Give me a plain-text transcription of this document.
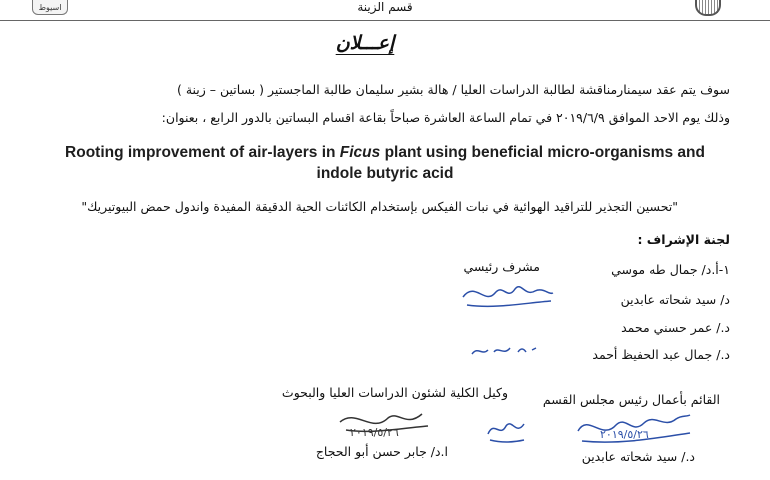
اسيوط	قسم الزينة
إعـــلان
سوف يتم عقد سيمنارمناقشة لطالبة الدراسات العليا / هالة بشير سليمان طالبة الماجستير ( بساتين – زينة )
وذلك يوم الاحد الموافق ٢٠١٩/٦/٩ في تمام الساعة العاشرة صباحاً بقاعة اقسام البساتين بالدور الرابع ، بعنوان:
Rooting improvement of air-layers in Ficus plant using beneficial micro-organisms and
indole butyric acid
"تحسين التجذير للتراقيد الهوائية في نبات الفيكس بإستخدام الكائنات الحية الدقيقة المفيدة واندول حمض البيوتيريك"
لجنة الإشراف :
١-أ.د/ جمال طه موسي
مشرف رئيسي
د/ سيد شحاته عابدين
د./ عمر حسني محمد
د./ جمال عبد الحفيظ أحمد
القائم بأعمال رئيس مجلس القسم
وكيل الكلية لشئون الدراسات العليا والبحوث
٢٠١٩/٥/٢٦
٢٠١٩/٥/٢٦
د./ سيد شحاته عابدين
ا.د/ جابر حسن أبو الحجاج
